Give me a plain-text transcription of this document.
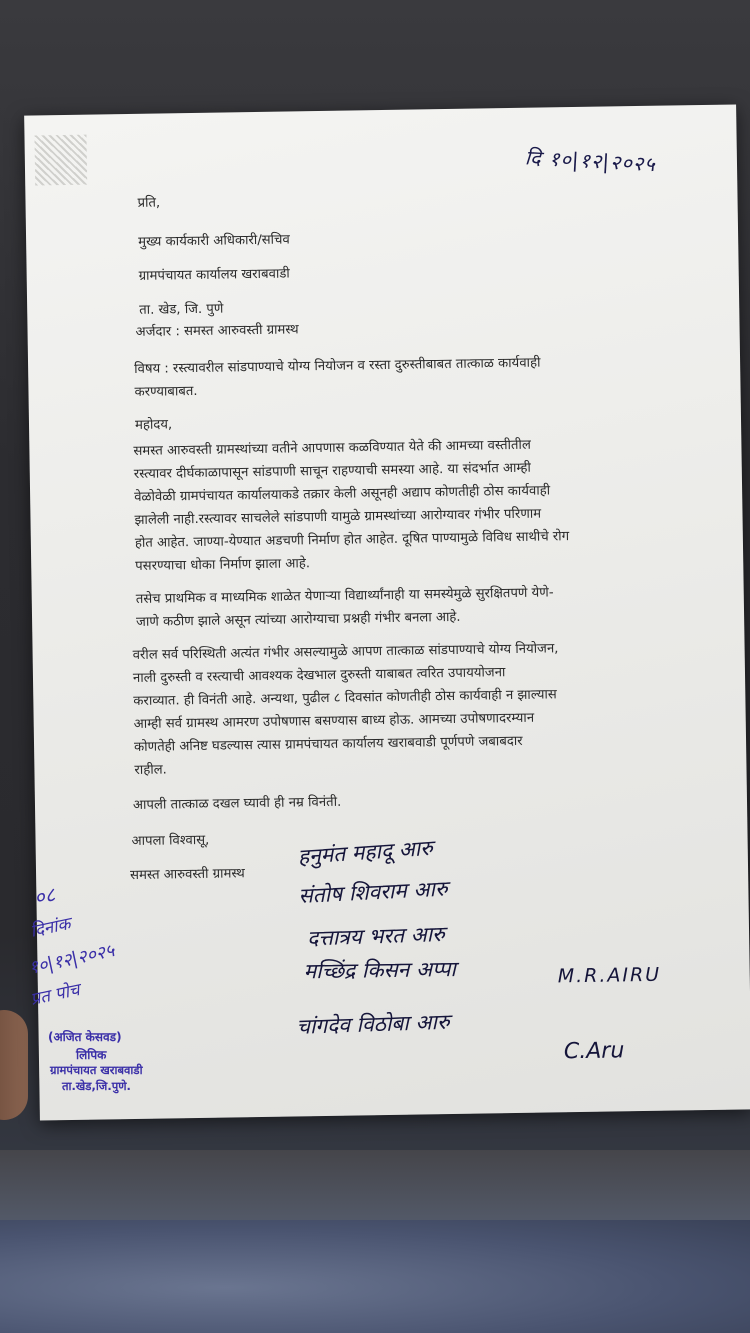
दि १०|१२|२०२५
प्रति,
मुख्य कार्यकारी अधिकारी/सचिव
ग्रामपंचायत कार्यालय खराबवाडी
ता. खेड, जि. पुणे
अर्जदार : समस्त आरुवस्ती ग्रामस्थ
विषय : रस्त्यावरील सांडपाण्याचे योग्य नियोजन व रस्ता दुरुस्तीबाबत तात्काळ कार्यवाही
करण्याबाबत.
महोदय,
समस्त आरुवस्ती ग्रामस्थांच्या वतीने आपणास कळविण्यात येते की आमच्या वस्तीतील
रस्त्यावर दीर्घकाळापासून सांडपाणी साचून राहण्याची समस्या आहे. या संदर्भात आम्ही
वेळोवेळी ग्रामपंचायत कार्यालयाकडे तक्रार केली असूनही अद्याप कोणतीही ठोस कार्यवाही
झालेली नाही.रस्त्यावर साचलेले सांडपाणी यामुळे ग्रामस्थांच्या आरोग्यावर गंभीर परिणाम
होत आहेत. जाण्या-येण्यात अडचणी निर्माण होत आहेत. दूषित पाण्यामुळे विविध साथीचे रोग
पसरण्याचा धोका निर्माण झाला आहे.
तसेच प्राथमिक व माध्यमिक शाळेत येणाऱ्या विद्यार्थ्यांनाही या समस्येमुळे सुरक्षितपणे येणे-
जाणे कठीण झाले असून त्यांच्या आरोग्याचा प्रश्नही गंभीर बनला आहे.
वरील सर्व परिस्थिती अत्यंत गंभीर असल्यामुळे आपण तात्काळ सांडपाण्याचे योग्य नियोजन,
नाली दुरुस्ती व रस्त्याची आवश्यक देखभाल दुरुस्ती याबाबत त्वरित उपाययोजना
कराव्यात. ही विनंती आहे. अन्यथा, पुढील ८ दिवसांत कोणतीही ठोस कार्यवाही न झाल्यास
आम्ही सर्व ग्रामस्थ आमरण उपोषणास बसण्यास बाध्य होऊ. आमच्या उपोषणादरम्यान
कोणतेही अनिष्ट घडल्यास त्यास ग्रामपंचायत कार्यालय खराबवाडी पूर्णपणे जबाबदार
राहील.
आपली तात्काळ दखल घ्यावी ही नम्र विनंती.
आपला विश्वासू,
समस्त आरुवस्ती ग्रामस्थ
हनुमंत महादू आरु
संतोष शिवराम आरु
दत्तात्रय भरत आरु
मच्छिंद्र किसन अप्पा	M.R.AIRU
चांगदेव विठोबा आरु
C.Aru
०८
दिनांक
१०|१२|२०२५
प्रत पोच
(अजित केसवड)
लिपिक
ग्रामपंचायत खराबवाडी
ता.खेड,जि.पुणे.
